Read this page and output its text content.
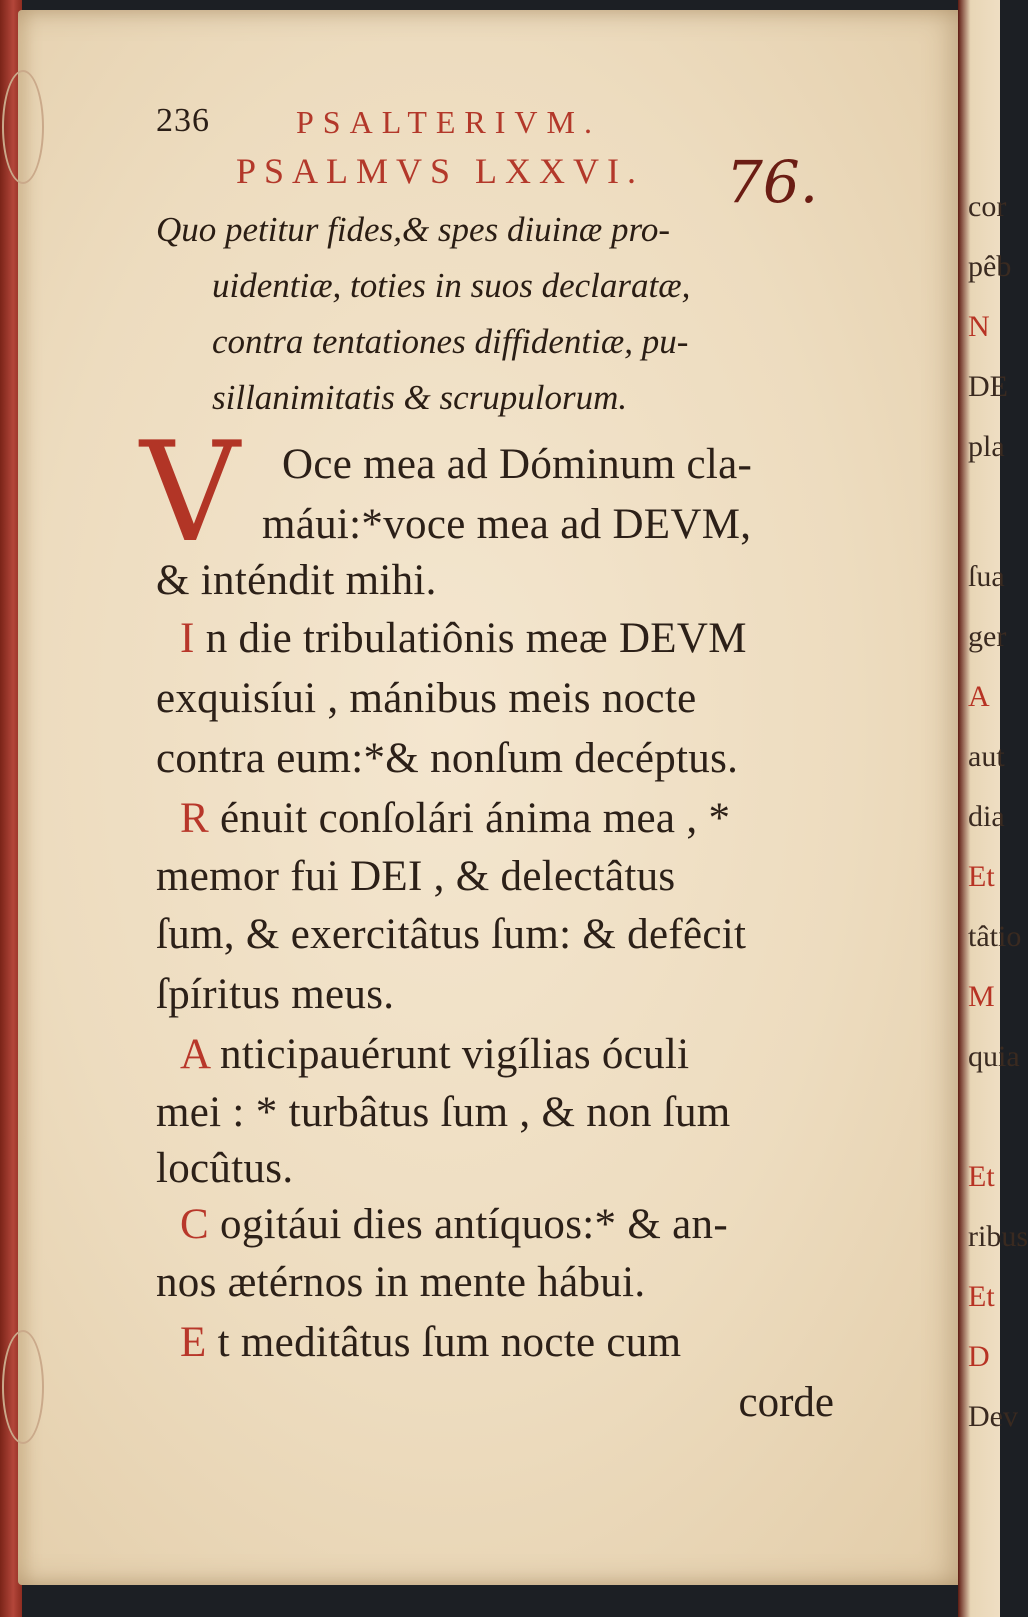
cor
pêb
N
DE
pla
ſua
ger
A
aut
dia
Et
tâtio
M
quia
Et
ribus
Et
D
Dev
236	PSALTERIVM.
PSALMVS LXXVI. 76.
Quo petitur fides,& spes diuinæ pro-
uidentiæ, toties in suos declaratæ,
contra tentationes diffidentiæ, pu-
sillanimitatis & scrupulorum.
V Oce mea ad Dóminum cla-
máui:*voce mea ad DEVM,
& inténdit mihi.
I n die tribulatiônis meæ DEVM
exquisíui , mánibus meis nocte
contra eum:*& nonſum decéptus.
R énuit conſolári ánima mea , *
memor fui DEI , & delectâtus
ſum, & exercitâtus ſum: & defêcit
ſpíritus meus.
A nticipauérunt vigílias óculi
mei : * turbâtus ſum , & non ſum
locûtus.
C ogitáui dies antíquos:* & an-
nos ætérnos in mente hábui.
E t meditâtus ſum nocte cum
corde
